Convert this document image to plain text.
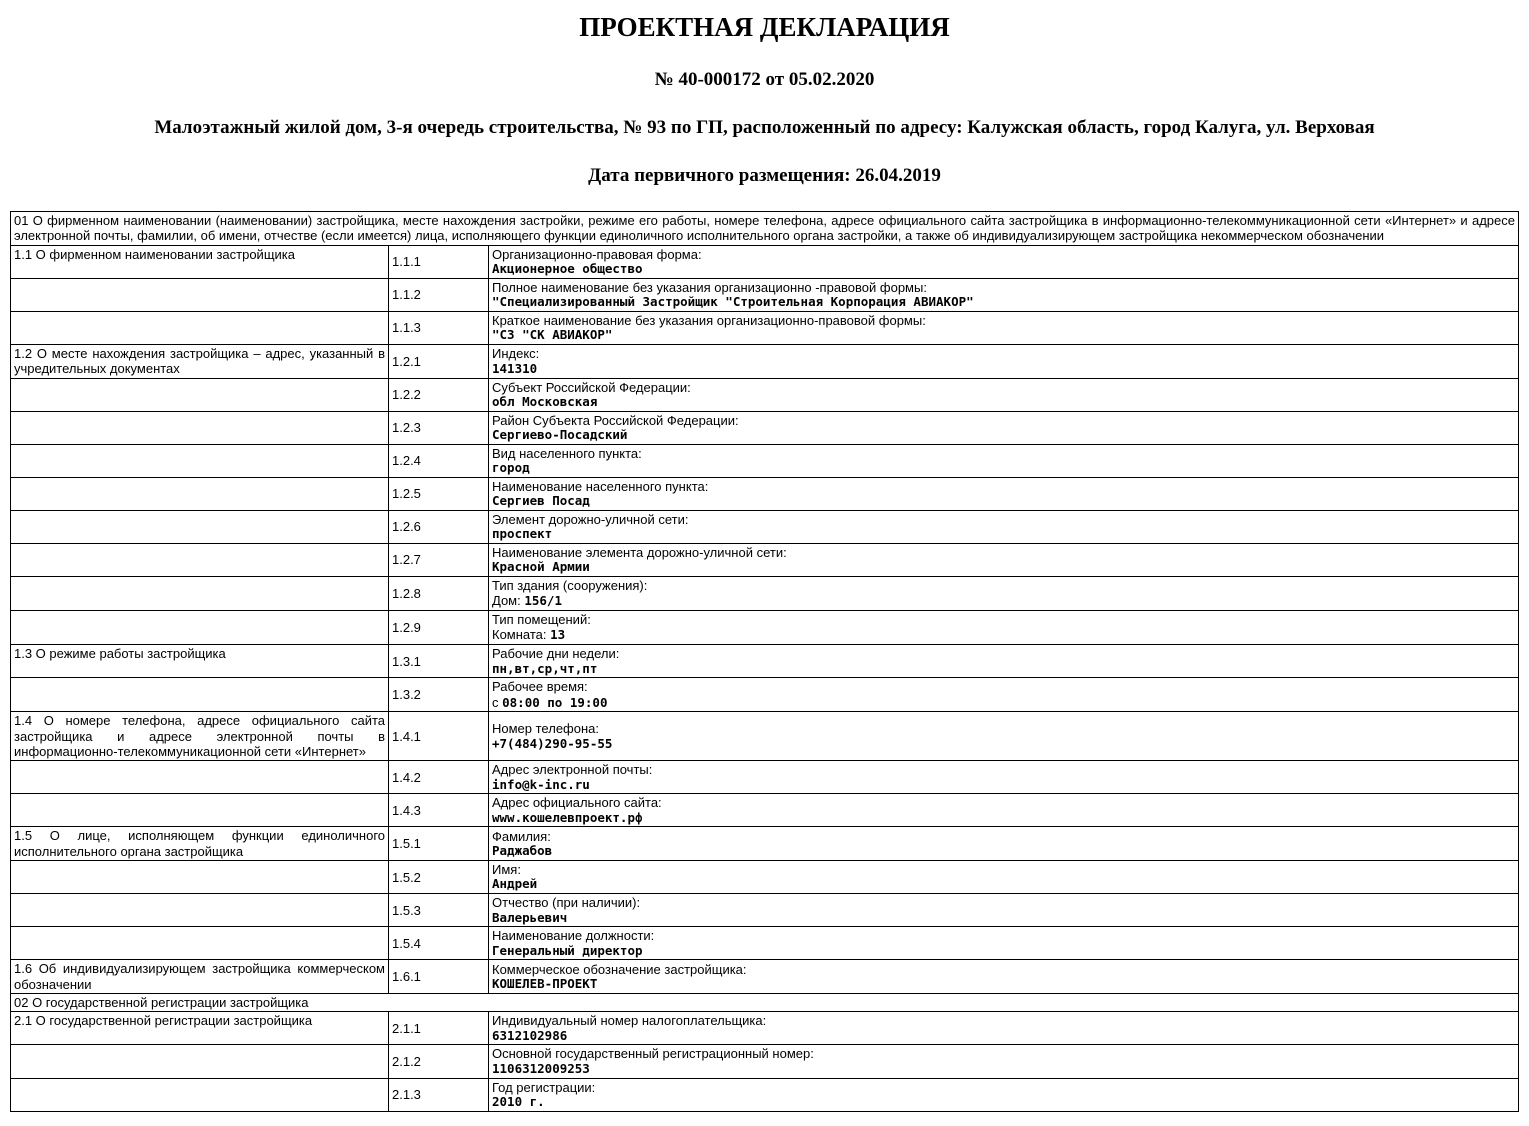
ПРОЕКТНАЯ ДЕКЛАРАЦИЯ
№ 40-000172 от 05.02.2020
Малоэтажный жилой дом, 3-я очередь строительства, № 93 по ГП, расположенный по адресу: Калужская область, город Калуга, ул. Верховая
Дата первичного размещения: 26.04.2019
01 О фирменном наименовании (наименовании) застройщика, месте нахождения застройки, режиме его работы, номере телефона, адресе официального сайта застройщика в информационно-телекоммуникационной сети «Интернет» и адресе электронной почты, фамилии, об имени, отчестве (если имеется) лица, исполняющего функции единоличного исполнительного органа застройки, а также об индивидуализирующем застройщика некоммерческом обозначении		
1.1 О фирменном наименовании застройщика	1.1.1	Организационно-правовая форма:
Акционерное общество

	1.1.2	Полное наименование без указания организационно -правовой формы:
"Специализированный Застройщик "Строительная Корпорация АВИАКОР"

	1.1.3	Краткое наименование без указания организационно-правовой формы:
"СЗ "СК АВИАКОР"

1.2 О месте нахождения застройщика – адрес, указанный в учредительных документах	1.2.1	Индекс:
141310

	1.2.2	Субъект Российской Федерации:
обл Московская

	1.2.3	Район Субъекта Российской Федерации:
Сергиево-Посадский

	1.2.4	Вид населенного пункта:
город

	1.2.5	Наименование населенного пункта:
Сергиев Посад

	1.2.6	Элемент дорожно-уличной сети:
проспект

	1.2.7	Наименование элемента дорожно-уличной сети:
Красной Армии

	1.2.8	Тип здания (сооружения):
Дом: 156/1

	1.2.9	Тип помещений:
Комната: 13

1.3 О режиме работы застройщика	1.3.1	Рабочие дни недели:
пн,вт,ср,чт,пт

	1.3.2	Рабочее время:
с 08:00 по 19:00

1.4 О номере телефона, адресе официального сайта застройщика и адресе электронной почты в информационно-телекоммуникационной сети «Интернет»	1.4.1	Номер телефона:
+7(484)290-95-55

	1.4.2	Адрес электронной почты:
info@k-inc.ru

	1.4.3	Адрес официального сайта:
www.кошелевпроект.рф

1.5 О лице, исполняющем функции единоличного исполнительного органа застройщика	1.5.1	Фамилия:
Раджабов

	1.5.2	Имя:
Андрей

	1.5.3	Отчество (при наличии):
Валерьевич

	1.5.4	Наименование должности:
Генеральный директор

1.6 Об индивидуализирующем застройщика коммерческом обозначении	1.6.1	Коммерческое обозначение застройщика:
КОШЕЛЕВ-ПРОЕКТ

02 О государственной регистрации застройщика		
2.1 О государственной регистрации застройщика	2.1.1	Индивидуальный номер налогоплательщика:
6312102986

	2.1.2	Основной государственный регистрационный номер:
1106312009253

	2.1.3	Год регистрации:
2010 г.
